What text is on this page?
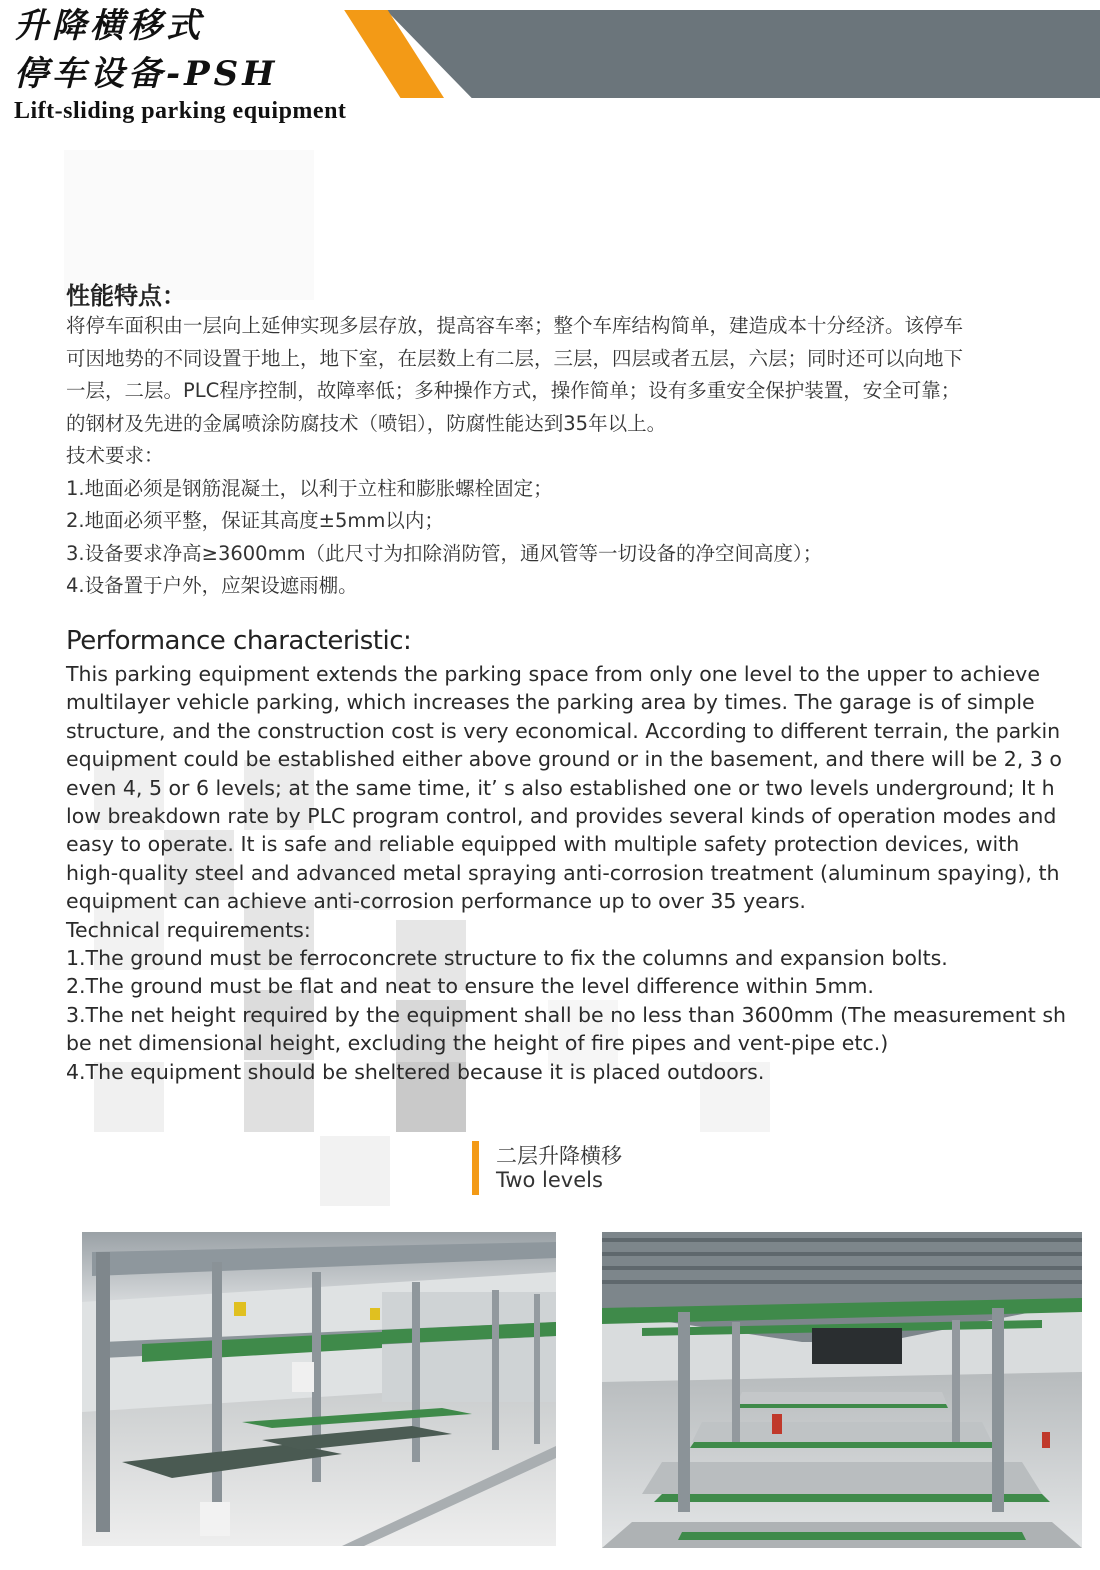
升降横移式
停车设备-PSH
Lift-sliding parking equipment
性能特点：
将停车面积由一层向上延伸实现多层存放，提高容车率；整个车库结构简单，建造成本十分经济。该停车
可因地势的不同设置于地上，地下室，在层数上有二层，三层，四层或者五层，六层；同时还可以向地下
一层，二层。PLC程序控制，故障率低；多种操作方式，操作简单；设有多重安全保护装置，安全可靠；
的钢材及先进的金属喷涂防腐技术（喷铝），防腐性能达到35年以上。
技术要求：
1.地面必须是钢筋混凝土，以利于立柱和膨胀螺栓固定；
2.地面必须平整，保证其高度±5mm以内；
3.设备要求净高≥3600mm（此尺寸为扣除消防管，通风管等一切设备的净空间高度）；
4.设备置于户外，应架设遮雨棚。
Performance characteristic:
This parking equipment extends the parking space from only one level to the upper to achieve
multilayer vehicle parking, which increases the parking area by times. The garage is of simple
structure, and the construction cost is very economical. According to different terrain, the parkin
equipment could be established either above ground or in the basement, and there will be 2, 3 o
even 4, 5 or 6 levels; at the same time, it’ s also established one or two levels underground; It h
low breakdown rate by PLC program control, and provides several kinds of operation modes and
easy to operate. It is safe and reliable equipped with multiple safety protection devices, with
high-quality steel and advanced metal spraying anti-corrosion treatment (aluminum spaying), th
equipment can achieve anti-corrosion performance up to over 35 years.
Technical requirements:
1.The ground must be ferroconcrete structure to fix the columns and expansion bolts.
2.The ground must be flat and neat to ensure the level difference within 5mm.
3.The net height required by the equipment shall be no less than 3600mm (The measurement sh
be net dimensional height, excluding the height of fire pipes and vent-pipe etc.)
4.The equipment should be sheltered because it is placed outdoors.
二层升降横移
Two levels
